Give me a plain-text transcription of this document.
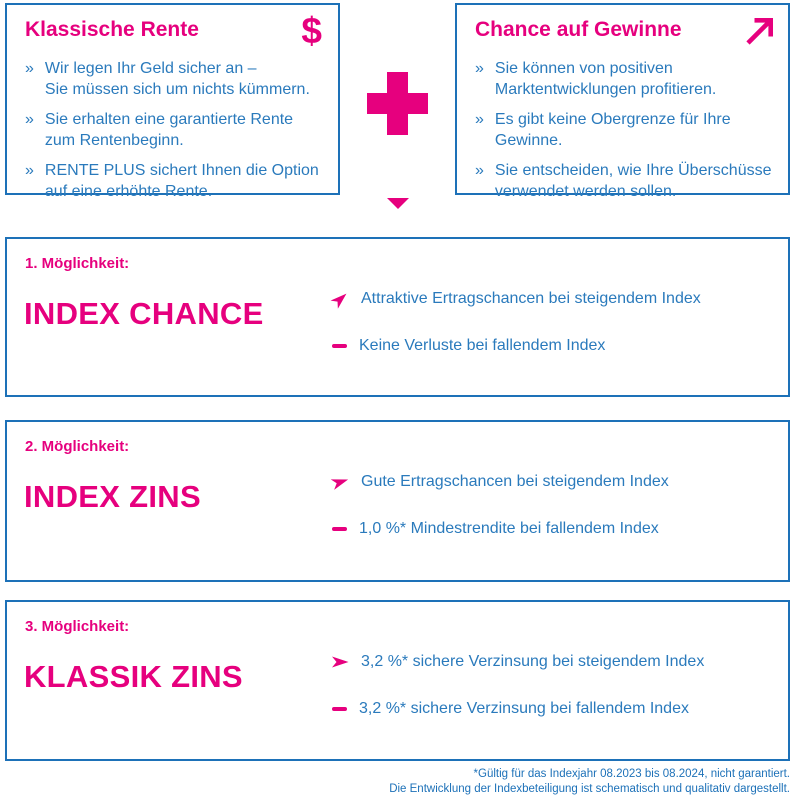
Klassische Rente	$
» Wir legen Ihr Geld sicher an –
Sie müssen sich um nichts kümmern.
» Sie erhalten eine garantierte Rente
zum Rentenbeginn.
» RENTE PLUS sichert Ihnen die Option
auf eine erhöhte Rente.
Chance auf Gewinne
» Sie können von positiven
Marktentwicklungen profitieren.
» Es gibt keine Obergrenze für Ihre
Gewinne.
» Sie entscheiden, wie Ihre Überschüsse
verwendet werden sollen.
1. Möglichkeit:
INDEX CHANCE	Attraktive Ertragschancen bei steigendem Index
Keine Verluste bei fallendem Index
2. Möglichkeit:
INDEX ZINS	Gute Ertragschancen bei steigendem Index
1,0 %* Mindestrendite bei fallendem Index
3. Möglichkeit:
KLASSIK ZINS	3,2 %* sichere Verzinsung bei steigendem Index
3,2 %* sichere Verzinsung bei fallendem Index
*Gültig für das Indexjahr 08.2023 bis 08.2024, nicht garantiert.
Die Entwicklung der Indexbeteiligung ist schematisch und qualitativ dargestellt.
